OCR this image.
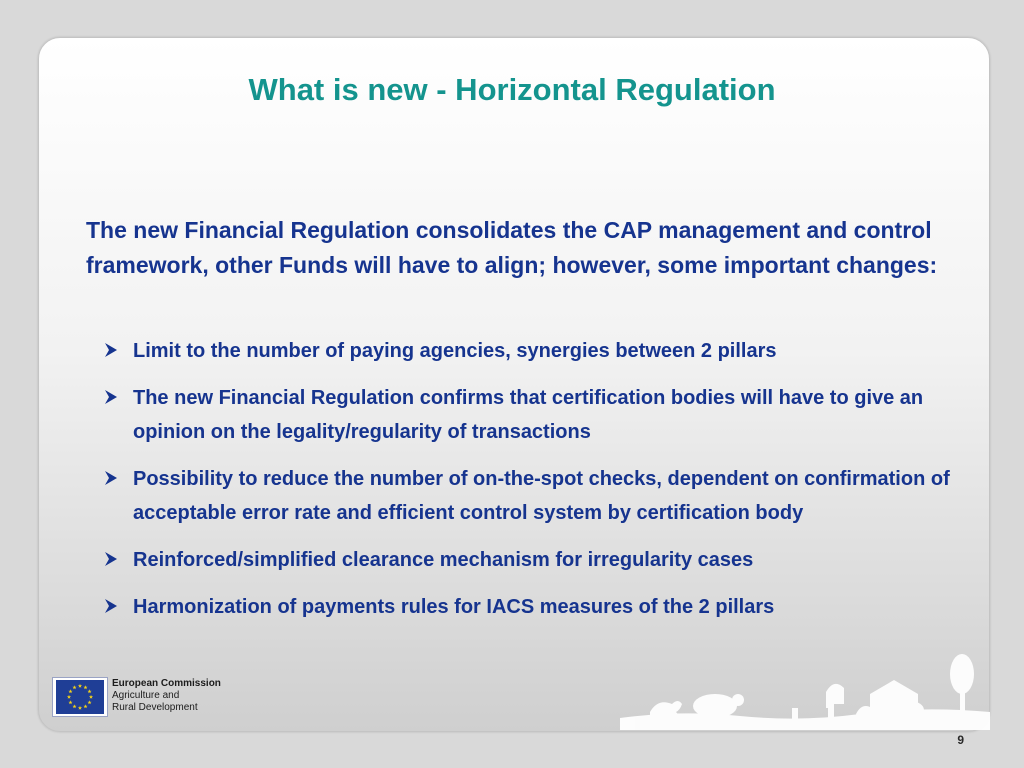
What is new - Horizontal Regulation

The new Financial Regulation consolidates the CAP management and control framework, other Funds will have to align; however, some important changes:

Limit to the number of paying agencies, synergies between 2 pillars
The new Financial Regulation confirms that certification bodies will have to give an opinion on the legality/regularity of transactions
Possibility to reduce the number of on-the-spot checks, dependent on confirmation of acceptable error rate and efficient control system by certification body
Reinforced/simplified clearance mechanism for irregularity cases
Harmonization of payments rules for IACS measures of the 2 pillars
European Commission
Agriculture and
Rural Development
9
